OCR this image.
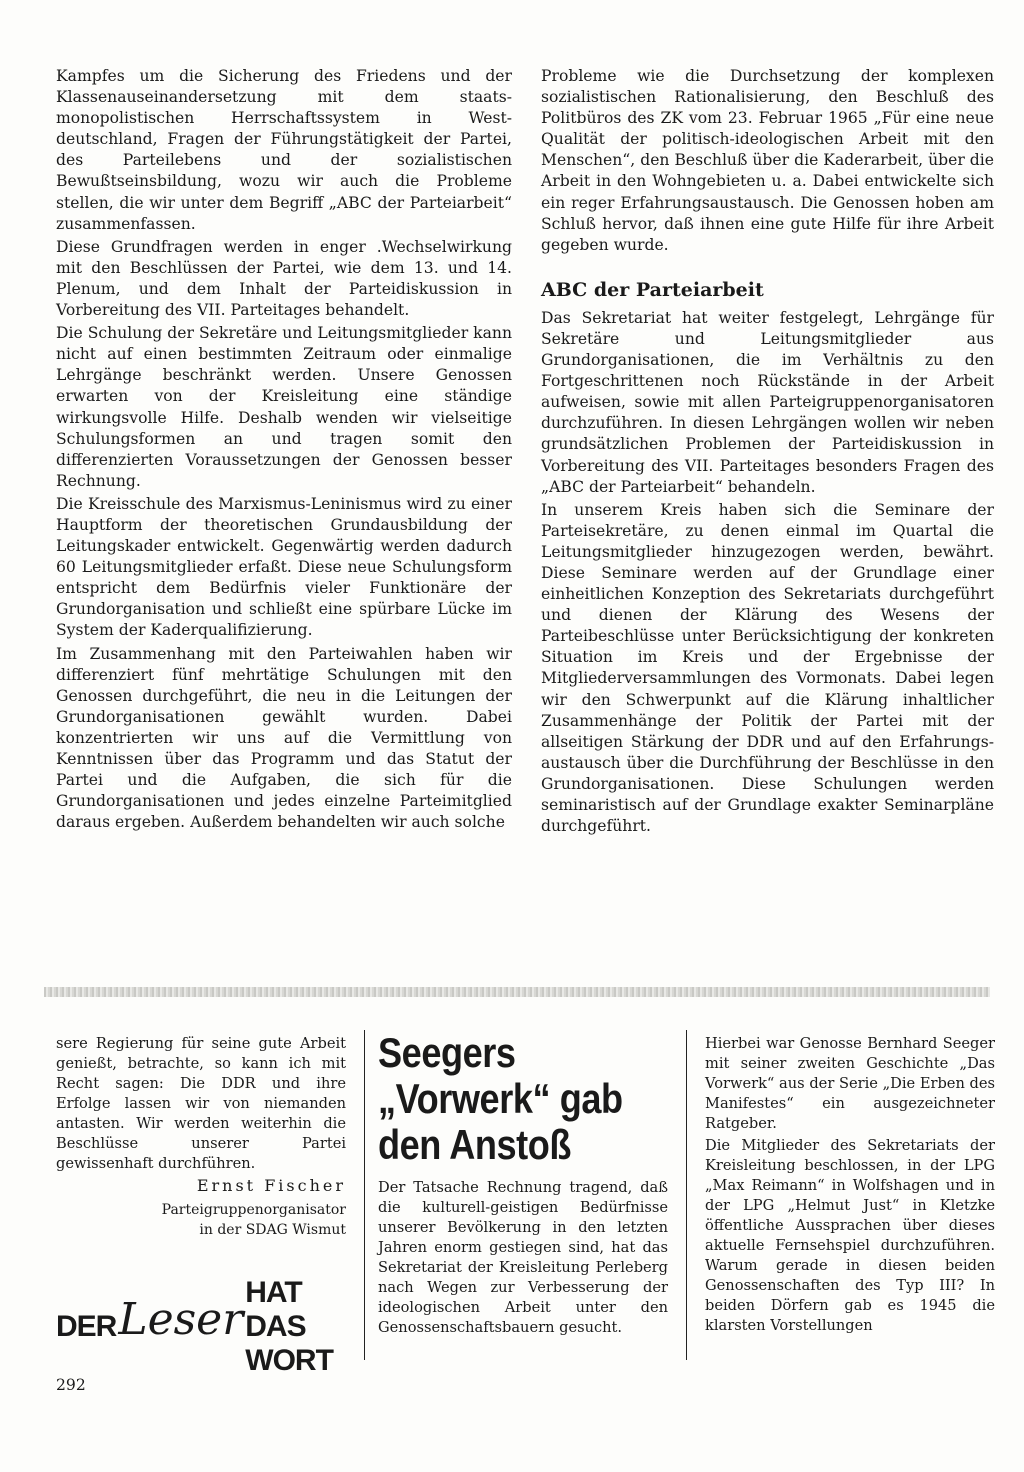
Kampfes um die Sicherung des Friedens und der Klassenauseinandersetzung mit dem staatsmonopolistischen Herrschaftssystem in Westdeutschland, Fragen der Führungstätigkeit der Partei, des Parteilebens und der sozialistischen Bewußtseinsbildung, wozu wir auch die Probleme stellen, die wir unter dem Begriff „ABC der Parteiarbeit“ zusammenfassen.

Diese Grundfragen werden in enger .Wechselwirkung mit den Beschlüssen der Partei, wie dem 13. und 14. Plenum, und dem Inhalt der Parteidiskussion in Vorbereitung des VII. Parteitages behandelt.

Die Schulung der Sekretäre und Leitungsmitglieder kann nicht auf einen bestimmten Zeitraum oder einmalige Lehrgänge beschränkt werden. Unsere Genossen erwarten von der Kreisleitung eine ständige wirkungsvolle Hilfe. Deshalb wenden wir vielseitige Schulungsformen an und tragen somit den differenzierten Voraussetzungen der Genossen besser Rechnung.

Die Kreisschule des Marxismus-Leninismus wird zu einer Hauptform der theoretischen Grundausbildung der Leitungskader entwickelt. Gegenwärtig werden dadurch 60 Leitungsmitglieder erfaßt. Diese neue Schulungsform entspricht dem Bedürfnis vieler Funktionäre der Grundorganisation und schließt eine spürbare Lücke im System der Kaderqualifizierung.

Im Zusammenhang mit den Parteiwahlen haben wir differenziert fünf mehrtätige Schulungen mit den Genossen durchgeführt, die neu in die Leitungen der Grundorganisationen gewählt wurden. Dabei konzentrierten wir uns auf die Vermittlung von Kenntnissen über das Programm und das Statut der Partei und die Aufgaben, die sich für die Grundorganisationen und jedes einzelne Parteimitglied daraus ergeben. Außerdem behandelten wir auch solche

Probleme wie die Durchsetzung der komplexen sozialistischen Rationalisierung, den Beschluß des Politbüros des ZK vom 23. Februar 1965 „Für eine neue Qualität der politisch-ideologischen Arbeit mit den Menschen“, den Beschluß über die Kaderarbeit, über die Arbeit in den Wohngebieten u. a. Dabei entwickelte sich ein reger Erfahrungsaustausch. Die Genossen hoben am Schluß hervor, daß ihnen eine gute Hilfe für ihre Arbeit gegeben wurde.

ABC der Parteiarbeit

Das Sekretariat hat weiter festgelegt, Lehrgänge für Sekretäre und Leitungsmitglieder aus Grundorganisationen, die im Verhältnis zu den Fortgeschrittenen noch Rückstände in der Arbeit aufweisen, sowie mit allen Parteigruppenorganisatoren durchzuführen. In diesen Lehrgängen wollen wir neben grundsätzlichen Problemen der Parteidiskussion in Vorbereitung des VII. Parteitages besonders Fragen des „ABC der Parteiarbeit“ behandeln.

In unserem Kreis haben sich die Seminare der Parteisekretäre, zu denen einmal im Quartal die Leitungsmitglieder hinzugezogen werden, bewährt. Diese Seminare werden auf der Grundlage einer einheitlichen Konzeption des Sekretariats durchgeführt und dienen der Klärung des Wesens der Parteibeschlüsse unter Berücksichtigung der konkreten Situation im Kreis und der Ergebnisse der Mitgliederversammlungen des Vormonats. Dabei legen wir den Schwerpunkt auf die Klärung inhaltlicher Zusammenhänge der Politik der Partei mit der allseitigen Stärkung der DDR und auf den Erfahrungsaustausch über die Durchführung der Beschlüsse in den Grundorganisationen. Diese Schulungen werden seminaristisch auf der Grundlage exakter Seminarpläne durchgeführt.

sere Regierung für seine gute Arbeit genießt, betrachte, so kann ich mit Recht sagen: Die DDR und ihre Erfolge lassen wir von niemanden antasten. Wir werden weiterhin die Beschlüsse unserer Partei gewissenhaft durchführen.

Ernst Fischer
Parteigruppenorganisator
in der SDAG Wismut
DER Leser
HAT DAS WORT
Seegers
„Vorwerk“ gab
den Anstoß

Der Tatsache Rechnung tragend, daß die kulturell-geistigen Bedürfnisse unserer Bevölkerung in den letzten Jahren enorm gestiegen sind, hat das Sekretariat der Kreisleitung Perleberg nach Wegen zur Verbesserung der ideologischen Arbeit unter den Genossenschaftsbauern gesucht.

Hierbei war Genosse Bernhard Seeger mit seiner zweiten Geschichte „Das Vorwerk“ aus der Serie „Die Erben des Manifestes“ ein ausgezeichneter Ratgeber.

Die Mitglieder des Sekretariats der Kreisleitung beschlossen, in der LPG „Max Reimann“ in Wolfshagen und in der LPG „Helmut Just“ in Kletzke öffentliche Aussprachen über dieses aktuelle Fernsehspiel durchzuführen. Warum gerade in diesen beiden Genossenschaften des Typ III? In beiden Dörfern gab es 1945 die klarsten Vorstellungen

292
